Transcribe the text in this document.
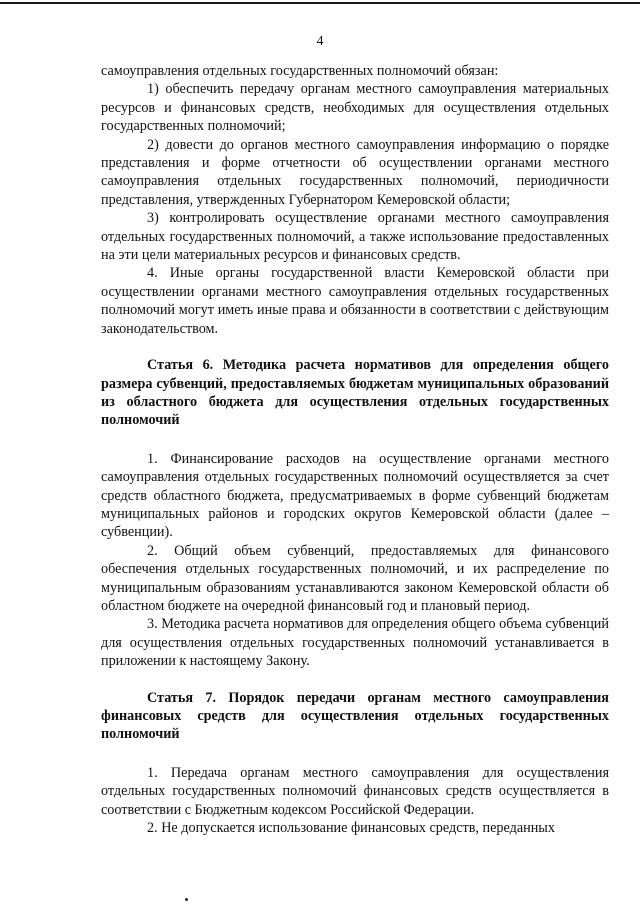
4

самоуправления отдельных государственных полномочий обязан:

1) обеспечить передачу органам местного самоуправления материальных ресурсов и финансовых средств, необходимых для осуществления отдельных государственных полномочий;

2) довести до органов местного самоуправления информацию о порядке представления и форме отчетности об осуществлении органами местного самоуправления отдельных государственных полномочий, периодичности представления, утвержденных Губернатором Кемеровской области;

3) контролировать осуществление органами местного самоуправления отдельных государственных полномочий, а также использование предоставленных на эти цели материальных ресурсов и финансовых средств.

4. Иные органы государственной власти Кемеровской области при осуществлении органами местного самоуправления отдельных государственных полномочий могут иметь иные права и обязанности в соответствии с действующим законодательством.

Статья 6. Методика расчета нормативов для определения общего размера субвенций, предоставляемых бюджетам муниципальных образований из областного бюджета для осуществления отдельных государственных полномочий

1. Финансирование расходов на осуществление органами местного самоуправления отдельных государственных полномочий осуществляется за счет средств областного бюджета, предусматриваемых в форме субвенций бюджетам муниципальных районов и городских округов Кемеровской области (далее – субвенции).

2. Общий объем субвенций, предоставляемых для финансового обеспечения отдельных государственных полномочий, и их распределение по муниципальным образованиям устанавливаются законом Кемеровской области об областном бюджете на очередной финансовый год и плановый период.

3. Методика расчета нормативов для определения общего объема субвенций для осуществления отдельных государственных полномочий устанавливается в приложении к настоящему Закону.

Статья 7. Порядок передачи органам местного самоуправления финансовых средств для осуществления отдельных государственных полномочий

1. Передача органам местного самоуправления для осуществления отдельных государственных полномочий финансовых средств осуществляется в соответствии с Бюджетным кодексом Российской Федерации.

2. Не допускается использование финансовых средств, переданных
